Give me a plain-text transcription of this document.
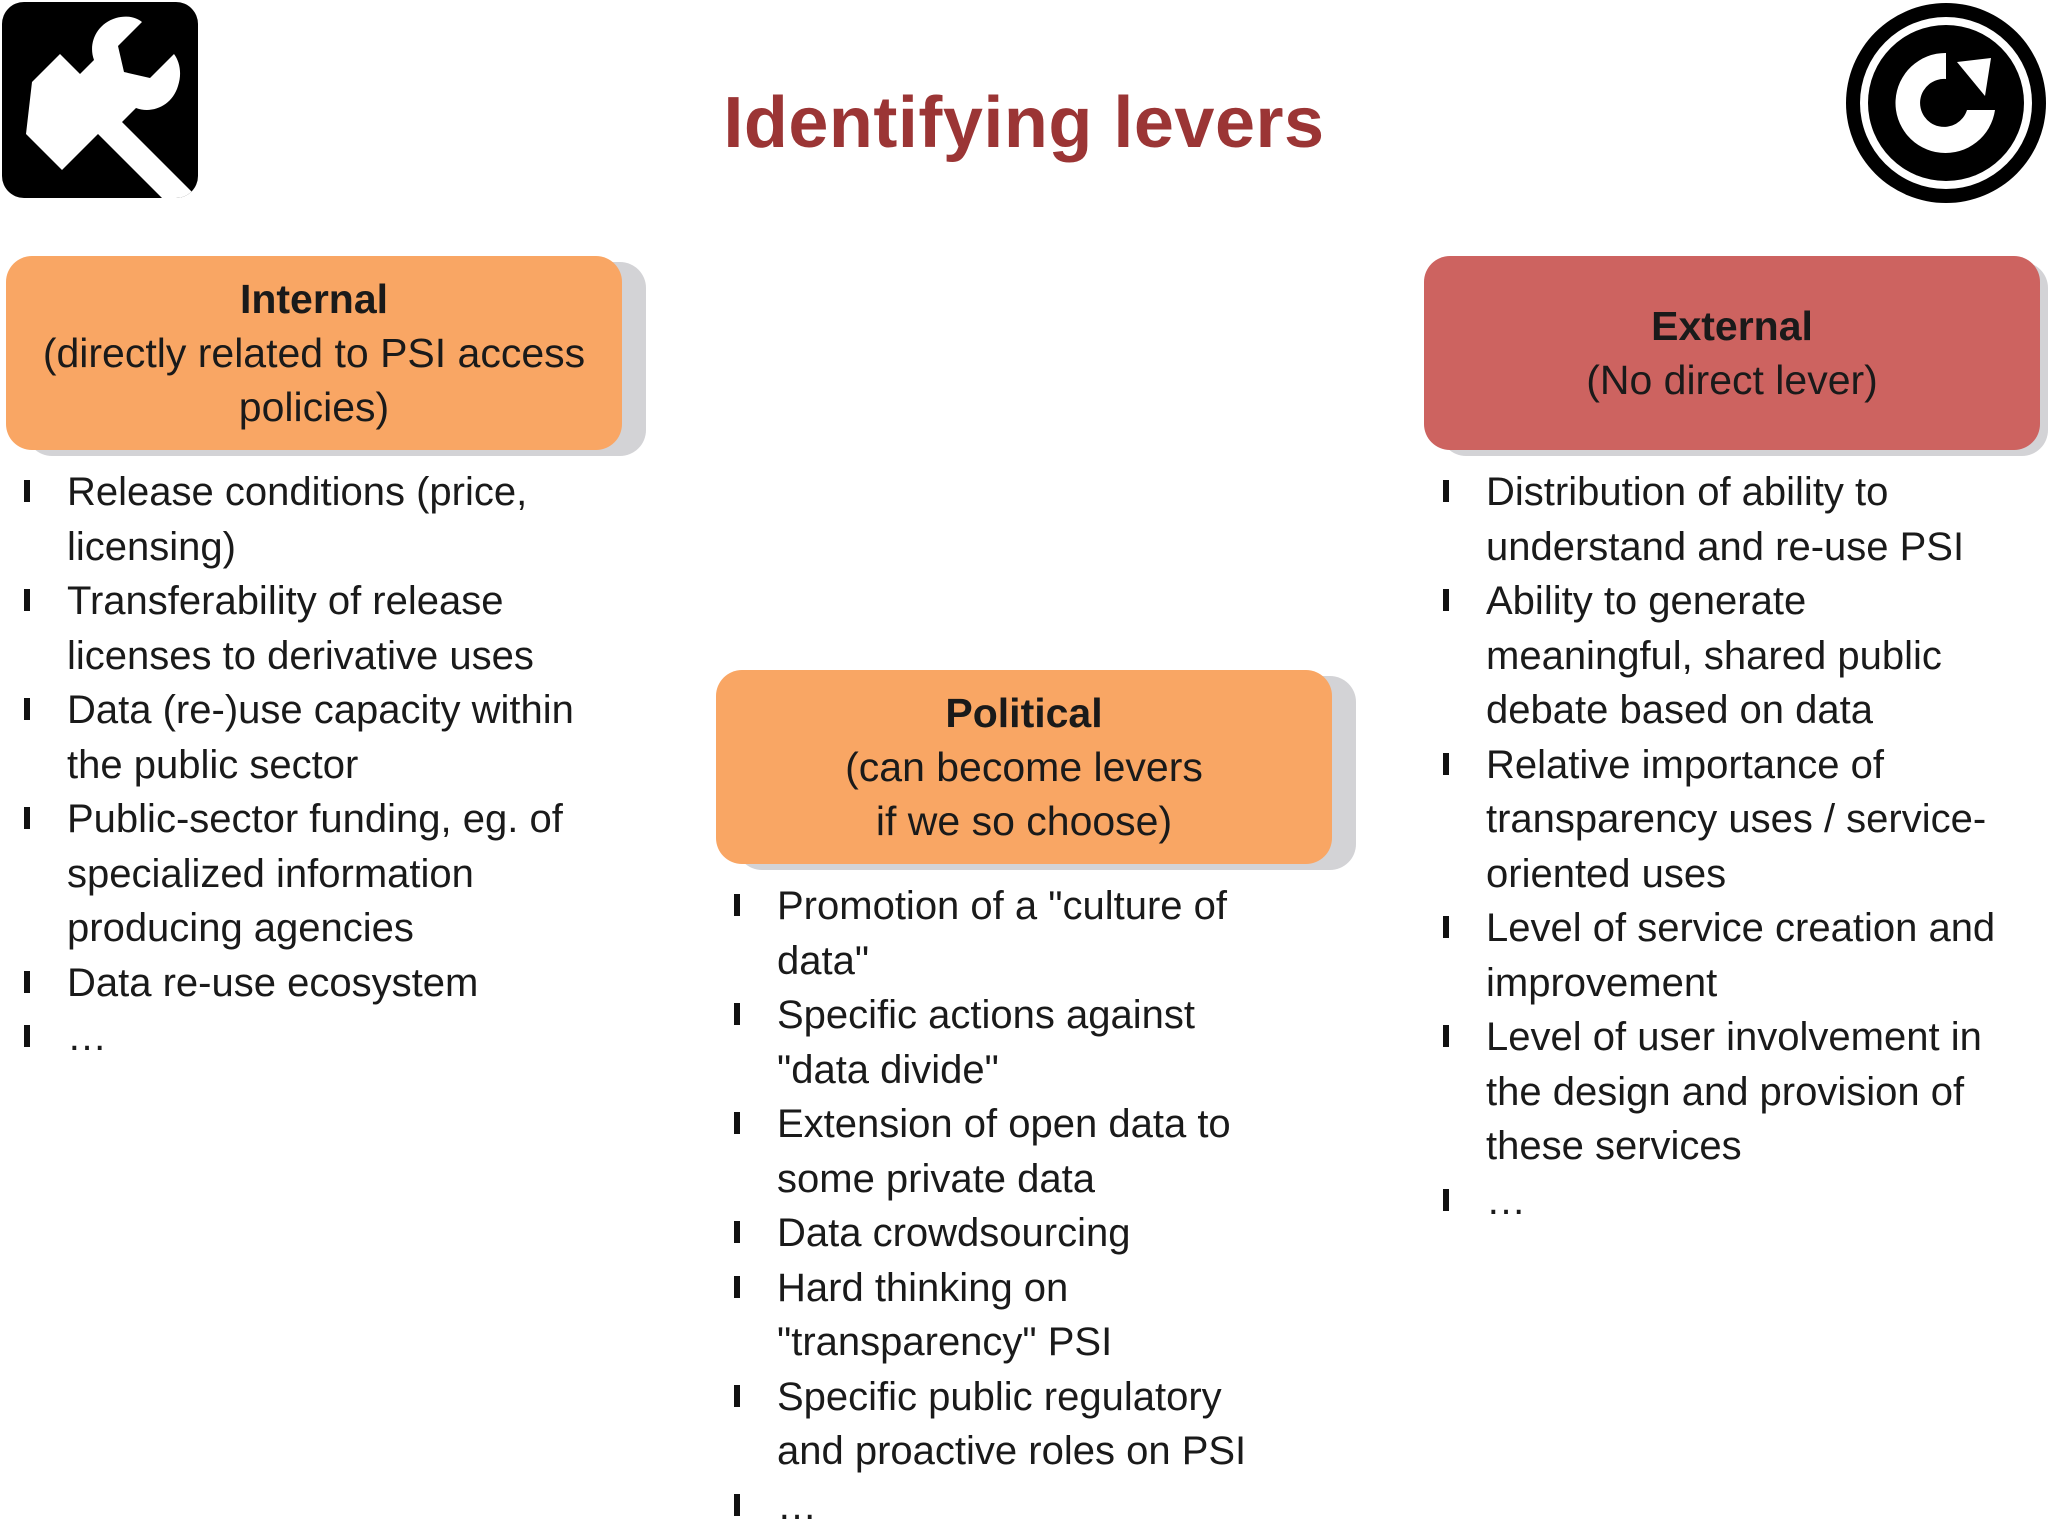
Identifying levers
Internal
(directly related to PSI access
policies)
Release conditions (price,
licensing)
Transferability of release
licenses to derivative uses
Data (re-)use capacity within
the public sector
Public-sector funding, eg. of
specialized information
producing agencies
Data re-use ecosystem
…
Political
(can become levers
if we so choose)
Promotion of a "culture of
data"
Specific actions against
"data divide"
Extension of open data to
some private data
Data crowdsourcing
Hard thinking on
"transparency" PSI
Specific public regulatory
and proactive roles on PSI
…
External
(No direct lever)
Distribution of ability to
understand and re-use PSI
Ability to generate
meaningful, shared public
debate based on data
Relative importance of
transparency uses / service-
oriented uses
Level of service creation and
improvement
Level of user involvement in
the design and provision of
these services
…
